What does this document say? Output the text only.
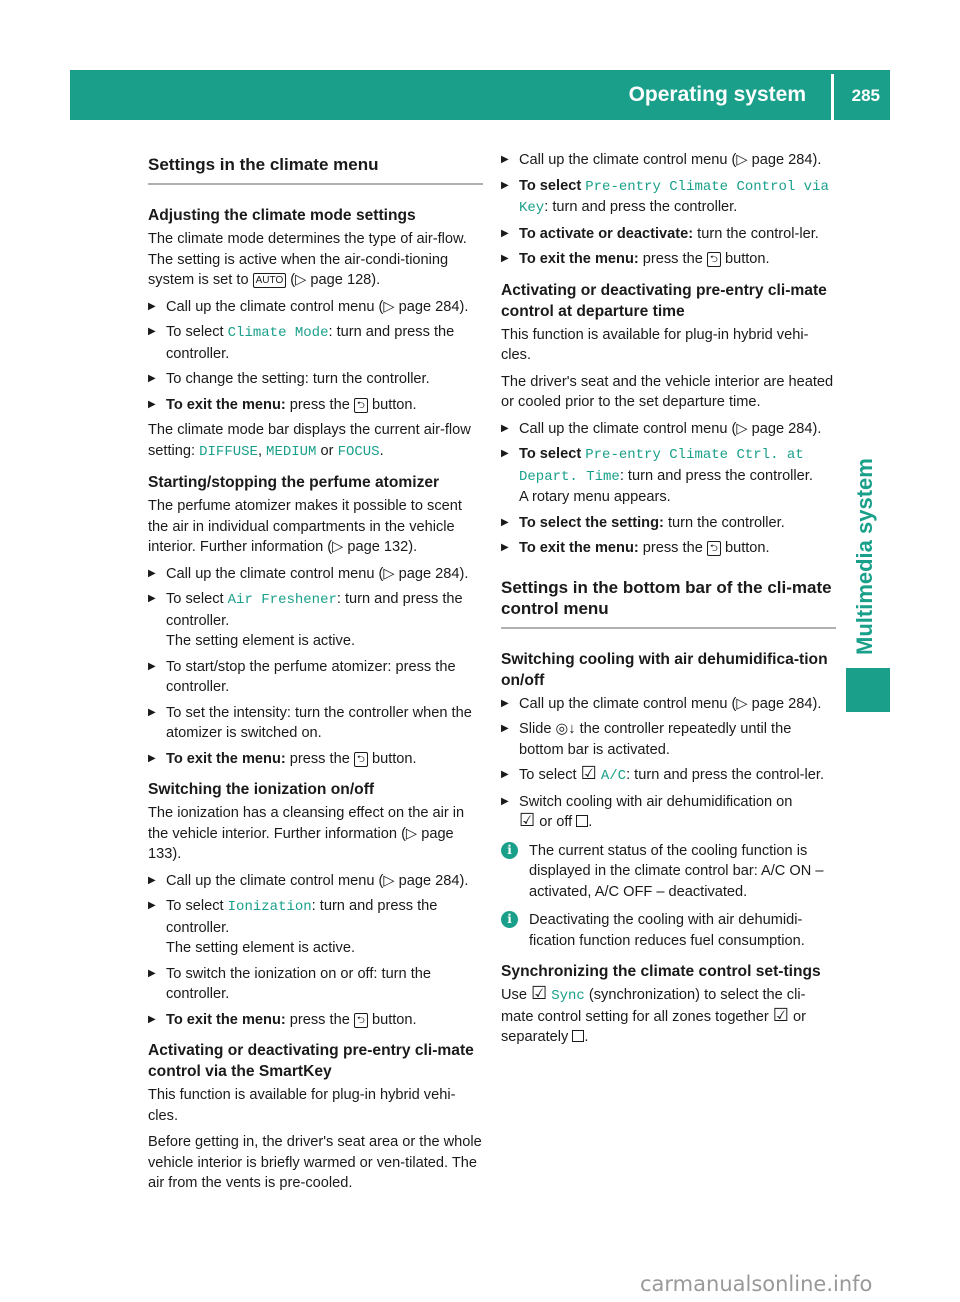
Operating system	285
Multimedia system
Settings in the climate menu
Adjusting the climate mode settings

The climate mode determines the type of air-flow. The setting is active when the air-condi-tioning system is set to AUTO (▷ page 128).

▶ Call up the climate control menu (▷ page 284).
▶ To select Climate Mode: turn and press the controller.
▶ To change the setting: turn the controller.
▶ To exit the menu: press the ⮌ button.

The climate mode bar displays the current air-flow setting: DIFFUSE, MEDIUM or FOCUS.

Starting/stopping the perfume atomizer

The perfume atomizer makes it possible to scent the air in individual compartments in the vehicle interior. Further information (▷ page 132).

▶ Call up the climate control menu (▷ page 284).
▶ To select Air Freshener: turn and press the controller.
The setting element is active.
▶ To start/stop the perfume atomizer: press the controller.
▶ To set the intensity: turn the controller when the atomizer is switched on.
▶ To exit the menu: press the ⮌ button.
Switching the ionization on/off

The ionization has a cleansing effect on the air in the vehicle interior. Further information (▷ page 133).

▶ Call up the climate control menu (▷ page 284).
▶ To select Ionization: turn and press the controller.
The setting element is active.
▶ To switch the ionization on or off: turn the controller.
▶ To exit the menu: press the ⮌ button.
Activating or deactivating pre-entry cli-mate control via the SmartKey

This function is available for plug-in hybrid vehi-cles.

Before getting in, the driver's seat area or the whole vehicle interior is briefly warmed or ven-tilated. The air from the vents is pre-cooled.

▶ Call up the climate control menu (▷ page 284).
▶ To select Pre-entry Climate Control via Key: turn and press the controller.
▶ To activate or deactivate: turn the control-ler.
▶ To exit the menu: press the ⮌ button.
Activating or deactivating pre-entry cli-mate control at departure time

This function is available for plug-in hybrid vehi-cles.

The driver's seat and the vehicle interior are heated or cooled prior to the set departure time.

▶ Call up the climate control menu (▷ page 284).
▶ To select Pre-entry Climate Ctrl. at Depart. Time: turn and press the controller.
A rotary menu appears.
▶ To select the setting: turn the controller.
▶ To exit the menu: press the ⮌ button.
Settings in the bottom bar of the cli-mate control menu
Switching cooling with air dehumidifica-tion on/off
▶ Call up the climate control menu (▷ page 284).
▶ Slide ◎↓ the controller repeatedly until the bottom bar is activated.
▶ To select ☑ A/C: turn and press the control-ler.
▶ Switch cooling with air dehumidification on
☑ or off .
i	The current status of the cooling function is displayed in the climate control bar: A/C ON – activated, A/C OFF – deactivated.
i	Deactivating the cooling with air dehumidi-fication function reduces fuel consumption.
Synchronizing the climate control set-tings

Use ☑ Sync (synchronization) to select the cli-mate control setting for all zones together ☑ or separately .

carmanualsonline.info
